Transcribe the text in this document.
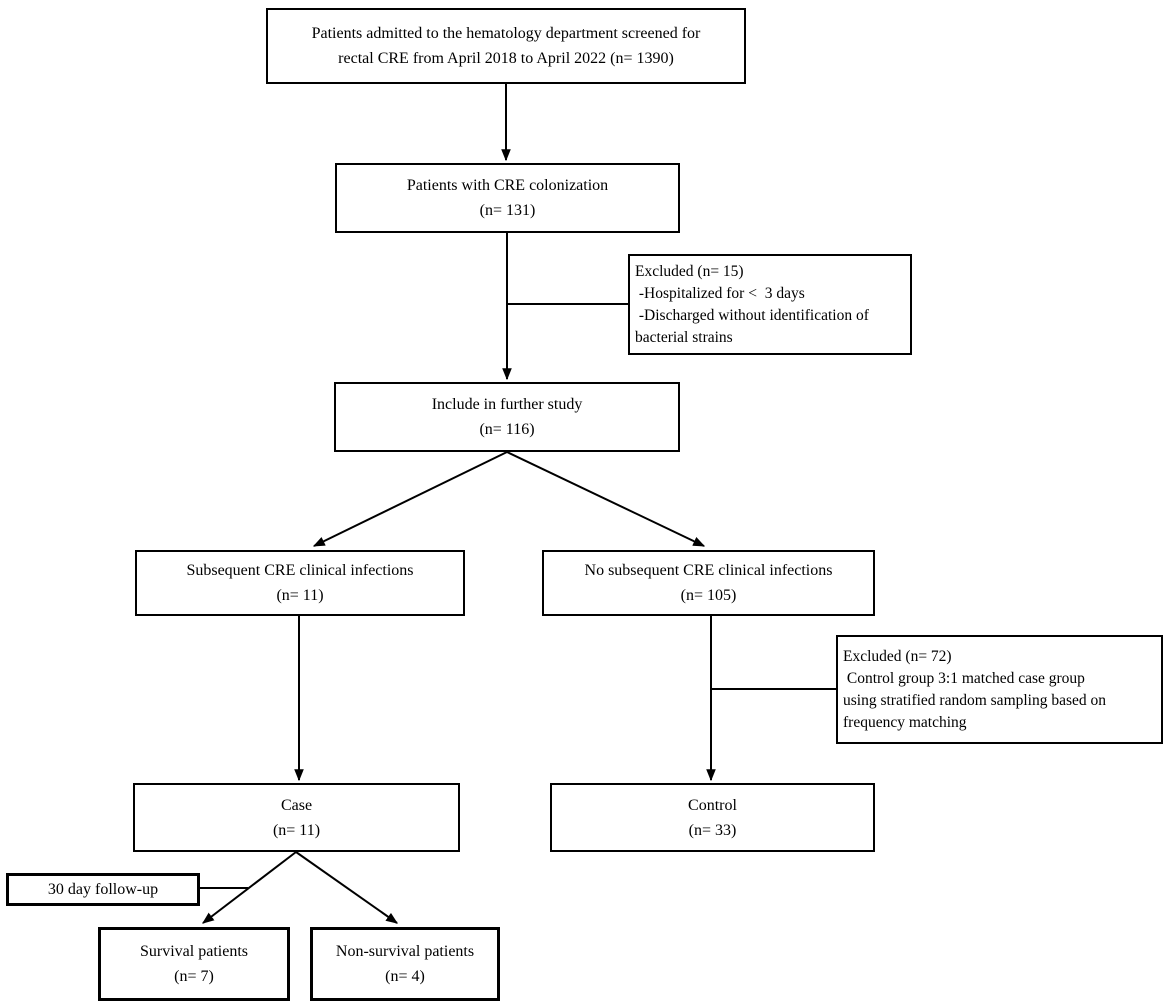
Patients admitted to the hematology department screened for
rectal CRE from April 2018 to April 2022 (n= 1390)
Patients with CRE colonization
(n= 131)
Excluded (n= 15)
-Hospitalized for <  3 days
-Discharged without identification of
bacterial strains
Include in further study
(n= 116)
Subsequent CRE clinical infections
(n= 11)
No subsequent CRE clinical infections
(n= 105)
Excluded (n= 72)
Control group 3:1 matched case group
using stratified random sampling based on
frequency matching
Case
(n= 11)
Control
(n= 33)
30 day follow-up
Survival patients
(n= 7)
Non-survival patients
(n= 4)
